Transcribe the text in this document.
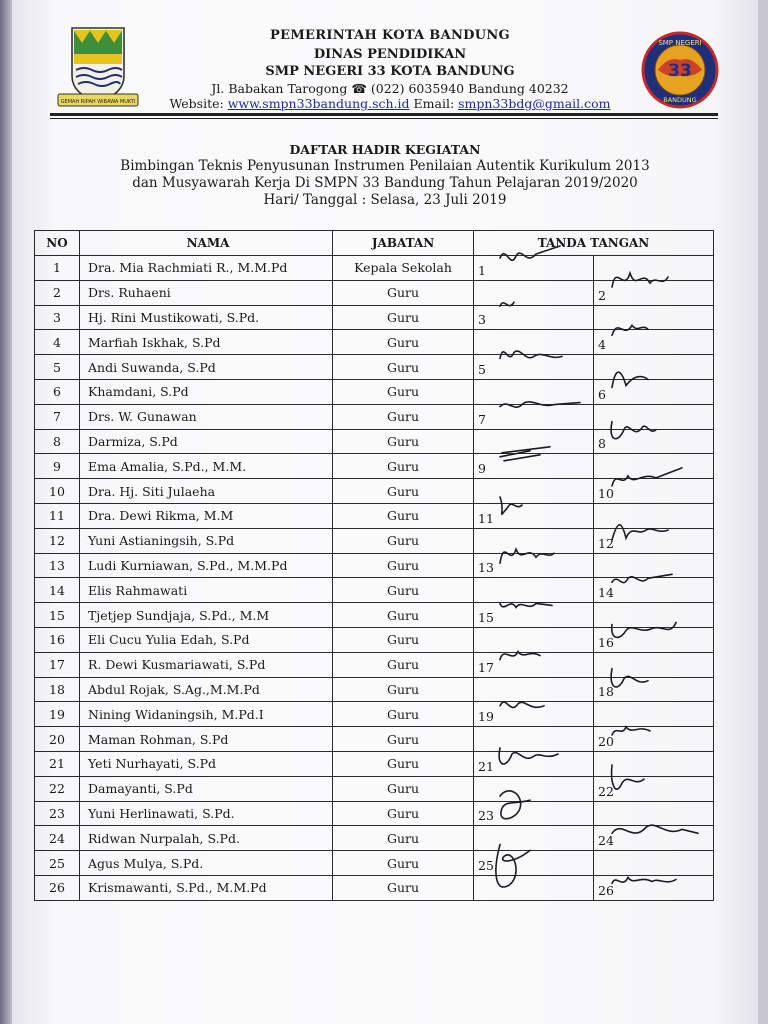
GEMAH RIPAH WIBAWA MUKTI
SMP NEGERI
33
BANDUNG
PEMERINTAH KOTA BANDUNG
DINAS PENDIDIKAN
SMP NEGERI 33 KOTA BANDUNG
Jl. Babakan Tarogong ☎ (022) 6035940 Bandung 40232
Website: www.smpn33bandung.sch.id Email: smpn33bdg@gmail.com
DAFTAR HADIR KEGIATAN
Bimbingan Teknis Penyusunan Instrumen Penilaian Autentik Kurikulum 2013
dan Musyawarah Kerja Di SMPN 33 Bandung Tahun Pelajaran 2019/2020
Hari/ Tanggal : Selasa, 23 Juli 2019
NO	NAMA	JABATAN	TANDA TANGAN	
1	Dra. Mia Rachmiati R., M.M.Pd	Kepala Sekolah	1	
2	Drs. Ruhaeni	Guru		2
3	Hj. Rini Mustikowati, S.Pd.	Guru	3	
4	Marfiah Iskhak, S.Pd	Guru		4
5	Andi Suwanda, S.Pd	Guru	5	
6	Khamdani, S.Pd	Guru		6
7	Drs. W. Gunawan	Guru	7	
8	Darmiza, S.Pd	Guru		8
9	Ema Amalia, S.Pd., M.M.	Guru	9	
10	Dra. Hj. Siti Julaeha	Guru		10
11	Dra. Dewi Rikma, M.M	Guru	11	
12	Yuni Astianingsih, S.Pd	Guru		12
13	Ludi Kurniawan, S.Pd., M.M.Pd	Guru	13	
14	Elis Rahmawati	Guru		14
15	Tjetjep Sundjaja, S.Pd., M.M	Guru	15	
16	Eli Cucu Yulia Edah, S.Pd	Guru		16
17	R. Dewi Kusmariawati, S.Pd	Guru	17	
18	Abdul Rojak, S.Ag.,M.M.Pd	Guru		18
19	Nining Widaningsih, M.Pd.I	Guru	19	
20	Maman Rohman, S.Pd	Guru		20
21	Yeti Nurhayati, S.Pd	Guru	21	
22	Damayanti, S.Pd	Guru		22
23	Yuni Herlinawati, S.Pd.	Guru	23	
24	Ridwan Nurpalah, S.Pd.	Guru		24
25	Agus Mulya, S.Pd.	Guru	25	
26	Krismawanti, S.Pd., M.M.Pd	Guru		26
